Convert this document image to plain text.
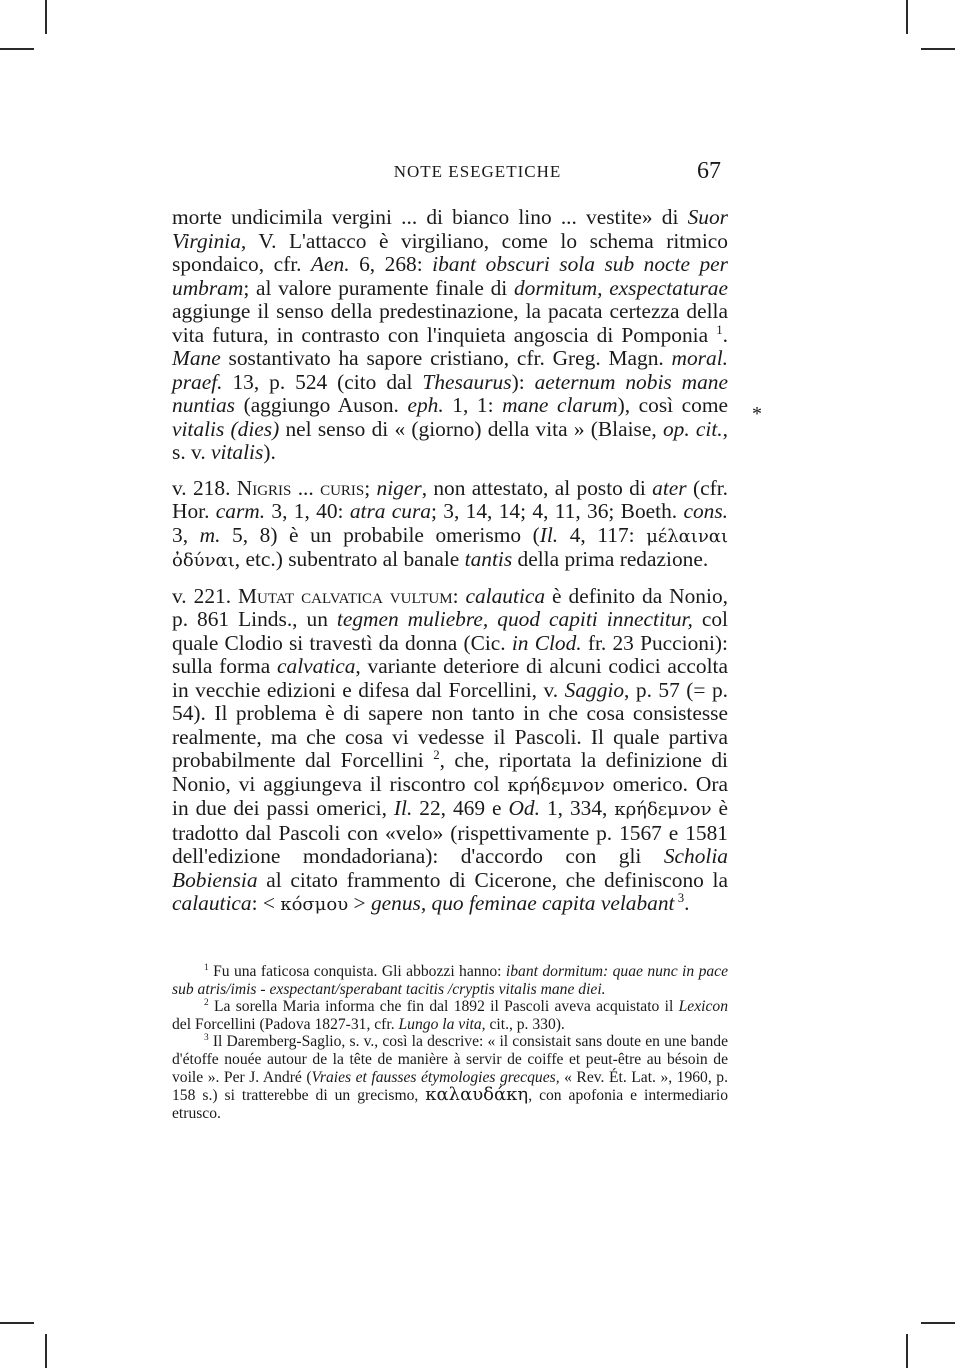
NOTE ESEGETICHE	67
*

morte undicimila vergini ... di bianco lino ... vestite» di Suor Virginia, V. L'attacco è virgiliano, come lo schema ritmico spondaico, cfr. Aen. 6, 268: ibant obscuri sola sub nocte per umbram; al valore puramente finale di dormitum, exspectaturae aggiunge il senso della predestinazione, la pacata certezza della vita futura, in contrasto con l'inquieta angoscia di Pomponia $^1$. Mane sostantivato ha sapore cristiano, cfr. Greg. Magn. moral. praef. 13, p. 524 (cito dal Thesaurus): aeternum nobis mane nuntias (aggiungo Auson. eph. 1, 1: mane clarum), così come vitalis (dies) nel senso di « (giorno) della vita » (Blaise, op. cit., s. v. vitalis).

v. 218. Nigris ... curis; niger, non attestato, al posto di ater (cfr. Hor. carm. 3, 1, 40: atra cura; 3, 14, 14; 4, 11, 36; Boeth. cons. 3, m. 5, 8) è un probabile omerismo (Il. 4, 117: μέλαιναι ὀδύναι, etc.) subentrato al banale tantis della prima redazione.

v. 221. Mutat calvatica vultum: calautica è definito da Nonio, p. 861 Linds., un tegmen muliebre, quod capiti innectitur, col quale Clodio si travestì da donna (Cic. in Clod. fr. 23 Puccioni): sulla forma calvatica, variante deteriore di alcuni codici accolta in vecchie edizioni e difesa dal Forcellini, v. Saggio, p. 57 (= p. 54). Il problema è di sapere non tanto in che cosa consistesse realmente, ma che cosa vi vedesse il Pascoli. Il quale partiva probabilmente dal Forcellini $^2$, che, riportata la definizione di Nonio, vi aggiungeva il riscontro col κρήδεμνον omerico. Ora in due dei passi omerici, Il. 22, 469 e Od. 1, 334, κρήδεμνον è tradotto dal Pascoli con «velo» (rispettivamente p. 1567 e 1581 dell'edizione mondadoriana): d'accordo con gli Scholia Bobiensia al citato frammento di Cicerone, che definiscono la calautica: < κόσμου > genus, quo feminae capita velabant $^3$.

$^1$ Fu una faticosa conquista. Gli abbozzi hanno: ibant dormitum: quae nunc in pace sub atris/imis - exspectant/sperabant tacitis /cryptis vitalis mane diei.

$^2$ La sorella Maria informa che fin dal 1892 il Pascoli aveva acquistato il Lexicon del Forcellini (Padova 1827-31, cfr. Lungo la vita, cit., p. 330).

$^3$ Il Daremberg-Saglio, s. v., così la descrive: « il consistait sans doute en une bande d'étoffe nouée autour de la tête de manière à servir de coiffe et peut-être au bésoin de voile ». Per J. André (Vraies et fausses étymologies grecques, « Rev. Ét. Lat. », 1960, p. 158 s.) si tratterebbe di un grecismo, καλαυδάκη, con apofonia e intermediario etrusco.
